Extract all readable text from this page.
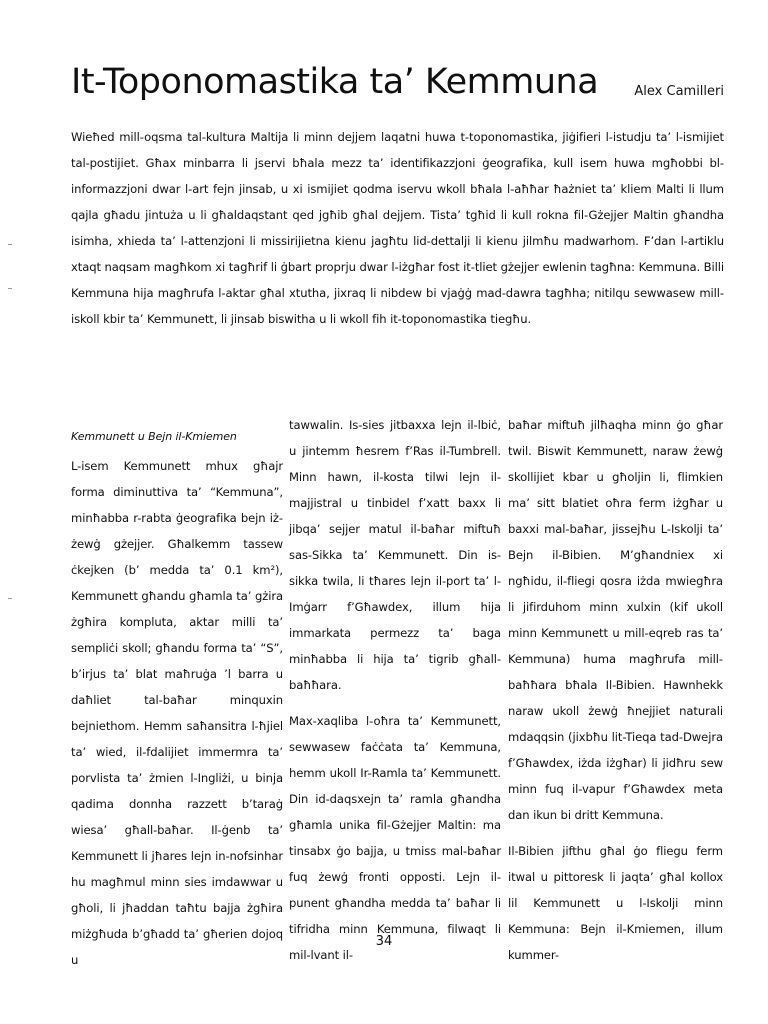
It-Toponomastika ta’ Kemmuna	Alex Camilleri

Wieħed mill-oqsma tal-kultura Maltija li minn dejjem laqatni huwa t-toponomastika, jiġifieri l-istudju ta’ l-ismijiet tal-postijiet. Għax minbarra li jservi bħala mezz ta’ identifikazzjoni ġeografika, kull isem huwa mgħobbi bl-informazzjoni dwar l-art fejn jinsab, u xi ismijiet qodma iservu wkoll bħala l-aħħar ħażniet ta’ kliem Malti li llum qajla għadu jintuża u li għaldaqstant qed jgħib għal dejjem. Tista’ tgħid li kull rokna fil-Gżejjer Maltin għandha isimha, xhieda ta’ l-attenzjoni li missirijietna kienu jagħtu lid-dettalji li kienu jilmħu madwarhom. F’dan l-artiklu xtaqt naqsam magħkom xi tagħrif li ġbart proprju dwar l-iżgħar fost it-tliet gżejjer ewlenin tagħna: Kemmuna. Billi Kemmuna hija magħrufa l-aktar għal xtutha, jixraq li nibdew bi vjaġġ mad-dawra tagħha; nitilqu sewwasew mill-iskoll kbir ta’ Kemmunett, li jinsab biswitha u li wkoll fih it-toponomastika tiegħu.

Kemmunett u Bejn il-Kmiemen

L-isem Kemmunett mhux għajr forma diminuttiva ta’ “Kemmuna”, minħabba r-rabta ġeografika bejn iż-żewġ gżejjer. Għalkemm tassew ċkejken (b’ medda ta’ 0.1 km²), Kemmunett għandu għamla ta’ gżira żgħira kompluta, aktar milli ta’ sempliċi skoll; għandu forma ta’ “S”, b’irjus ta’ blat maħruġa ’l barra u daħliet tal-baħar minquxin bejniethom. Hemm saħansitra l-ħjiel ta’ wied, il-fdalijiet immermra ta’ porvlista ta’ żmien l-Ingliżi, u binja qadima donnha razzett b’taraġ wiesa’ għall-baħar. Il-ġenb ta’ Kemmunett li jħares lejn in-nofsinhar hu magħmul minn sies imdawwar u għoli, li jħaddan taħtu bajja żgħira miżgħuda b’għadd ta’ għerien dojoq u

tawwalin. Is-sies jitbaxxa lejn il-lbiċ, u jintemm ħesrem f’Ras il-Tumbrell. Minn hawn, il-kosta tilwi lejn il-majjistral u tinbidel f’xatt baxx li jibqa’ sejjer matul il-baħar miftuħ sas-Sikka ta’ Kemmunett. Din is-sikka twila, li tħares lejn il-port ta’ l-Imġarr f’Għawdex, illum hija immarkata permezz ta’ baga minħabba li hija ta’ tigrib għall-baħħara.

Max-xaqliba l-oħra ta’ Kemmunett, sewwasew faċċata ta’ Kemmuna, hemm ukoll Ir-Ramla ta’ Kemmunett. Din id-daqsxejn ta’ ramla għandha għamla unika fil-Gżejjer Maltin: ma tinsabx ġo bajja, u tmiss mal-baħar fuq żewġ fronti opposti. Lejn il-punent għandha medda ta’ baħar li tifridha minn Kemmuna, filwaqt li mil-lvant il-

baħar miftuħ jilħaqha minn ġo għar twil. Biswit Kemmunett, naraw żewġ skollijiet kbar u għoljin li, flimkien ma’ sitt blatiet oħra ferm iżgħar u baxxi mal-baħar, jissejħu L-Iskolji ta’ Bejn il-Bibien. M’għandniex xi ngħidu, il-fliegi qosra iżda mwiegħra li jifirduhom minn xulxin (kif ukoll minn Kemmunett u mill-eqreb ras ta’ Kemmuna) huma magħrufa mill-baħħara bħala Il-Bibien. Hawnhekk naraw ukoll żewġ ħnejjiet naturali mdaqqsin (jixbħu lit-Tieqa tad-Dwejra f’Għawdex, iżda iżgħar) li jidħru sew minn fuq il-vapur f’Għawdex meta dan ikun bi dritt Kemmuna.

Il-Bibien jifthu għal ġo fliegu ferm itwal u pittoresk li jaqta’ għal kollox lil Kemmunett u l-Iskolji minn Kemmuna: Bejn il-Kmiemen, illum kummer-

34
